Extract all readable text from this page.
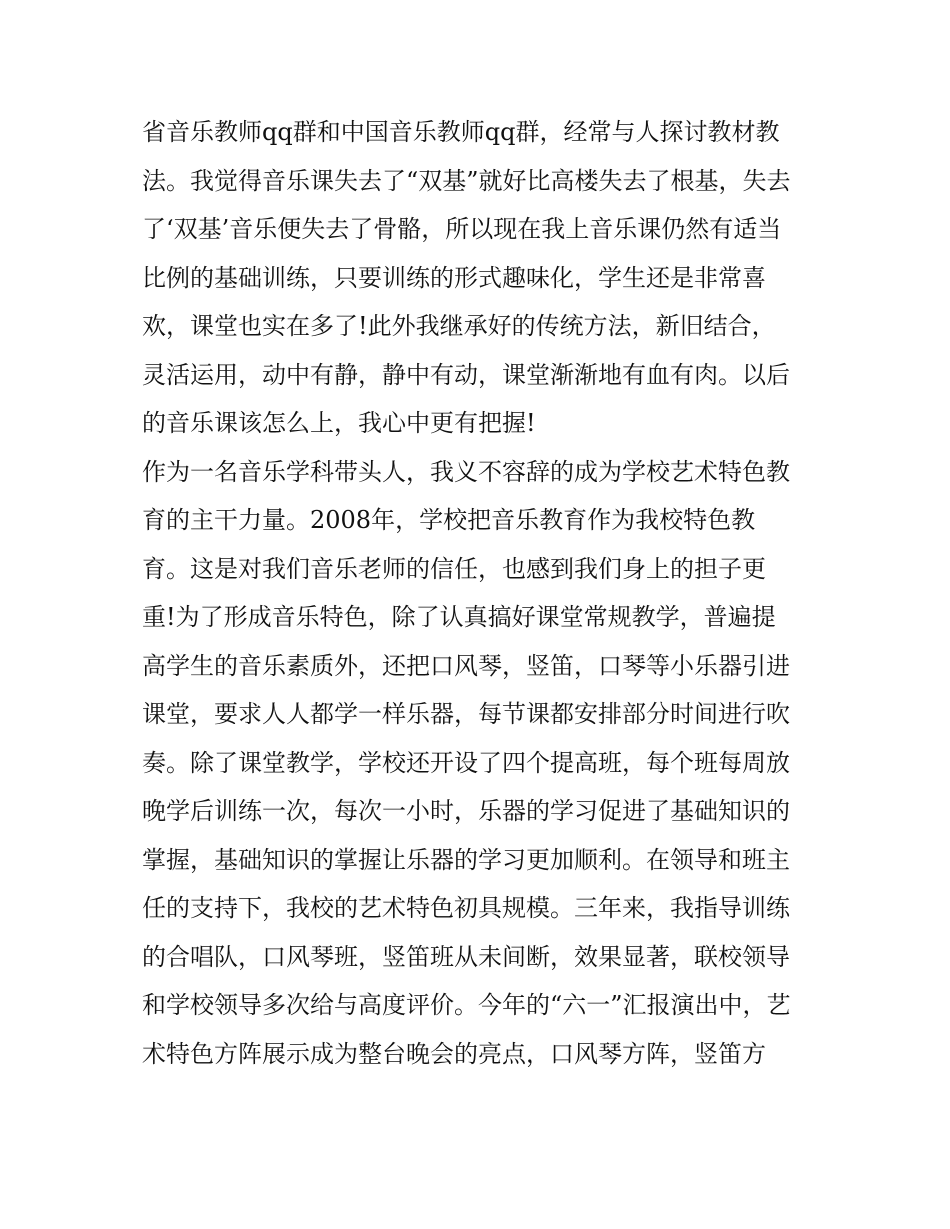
省音乐教师qq群和中国音乐教师qq群，经常与人探讨教材教
法。我觉得音乐课失去了“双基”就好比高楼失去了根基，失去
了‘双基’音乐便失去了骨骼，所以现在我上音乐课仍然有适当
比例的基础训练，只要训练的形式趣味化，学生还是非常喜
欢，课堂也实在多了!此外我继承好的传统方法，新旧结合，
灵活运用，动中有静，静中有动，课堂渐渐地有血有肉。以后
的音乐课该怎么上，我心中更有把握!
作为一名音乐学科带头人，我义不容辞的成为学校艺术特色教
育的主干力量。2008年，学校把音乐教育作为我校特色教
育。这是对我们音乐老师的信任，也感到我们身上的担子更
重!为了形成音乐特色，除了认真搞好课堂常规教学，普遍提
高学生的音乐素质外，还把口风琴，竖笛，口琴等小乐器引进
课堂，要求人人都学一样乐器，每节课都安排部分时间进行吹
奏。除了课堂教学，学校还开设了四个提高班，每个班每周放
晚学后训练一次，每次一小时，乐器的学习促进了基础知识的
掌握，基础知识的掌握让乐器的学习更加顺利。在领导和班主
任的支持下，我校的艺术特色初具规模。三年来，我指导训练
的合唱队，口风琴班，竖笛班从未间断，效果显著，联校领导
和学校领导多次给与高度评价。今年的“六一”汇报演出中，艺
术特色方阵展示成为整台晚会的亮点，口风琴方阵，竖笛方
